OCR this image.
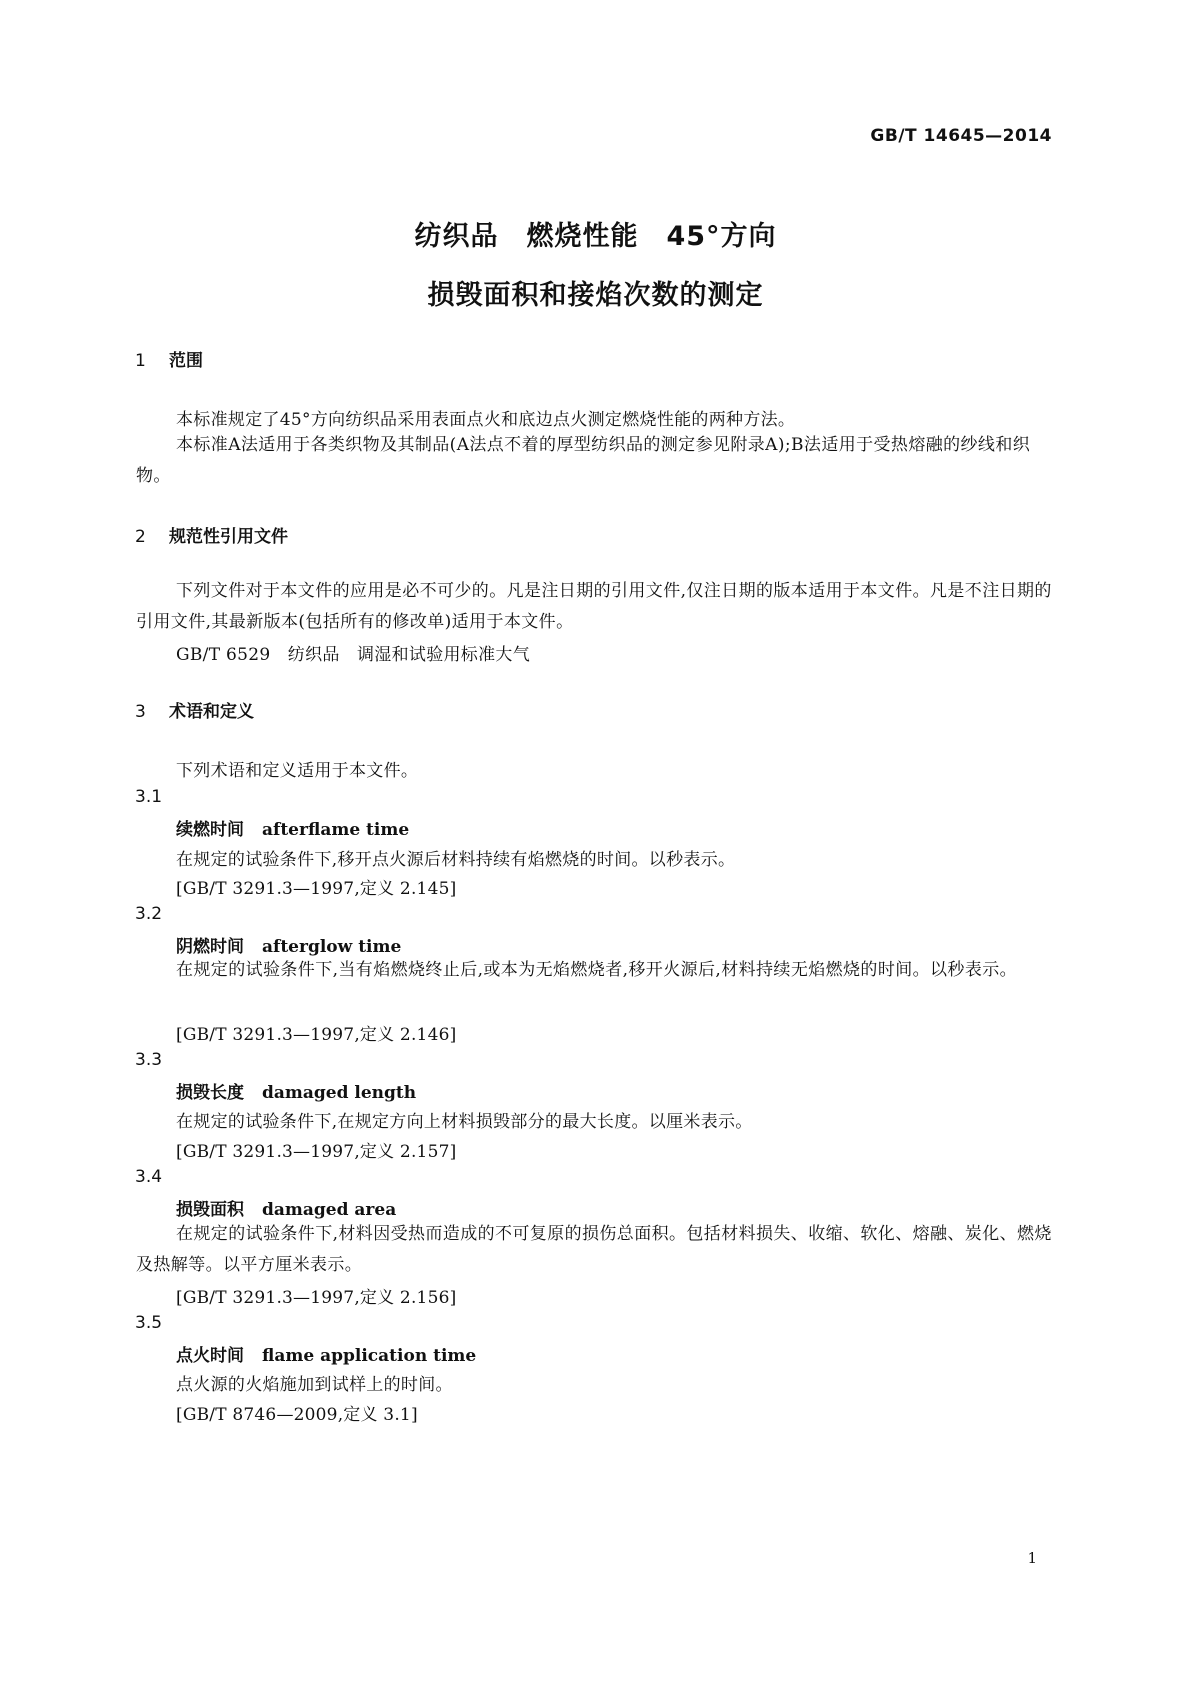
GB/T 14645—2014
纺织品　燃烧性能　45°方向
损毁面积和接焰次数的测定
1 范围
本标准规定了45°方向纺织品采用表面点火和底边点火测定燃烧性能的两种方法。
本标准A法适用于各类织物及其制品(A法点不着的厚型纺织品的测定参见附录A);B法适用于受热熔融的纱线和织物。
2 规范性引用文件
下列文件对于本文件的应用是必不可少的。凡是注日期的引用文件,仅注日期的版本适用于本文件。凡是不注日期的引用文件,其最新版本(包括所有的修改单)适用于本文件。
GB/T 6529　纺织品　调湿和试验用标准大气
3 术语和定义
下列术语和定义适用于本文件。
3.1
续燃时间 afterflame time
在规定的试验条件下,移开点火源后材料持续有焰燃烧的时间。以秒表示。
[GB/T 3291.3—1997,定义 2.145]
3.2
阴燃时间 afterglow time
在规定的试验条件下,当有焰燃烧终止后,或本为无焰燃烧者,移开火源后,材料持续无焰燃烧的时间。以秒表示。
[GB/T 3291.3—1997,定义 2.146]
3.3
损毁长度 damaged length
在规定的试验条件下,在规定方向上材料损毁部分的最大长度。以厘米表示。
[GB/T 3291.3—1997,定义 2.157]
3.4
损毁面积 damaged area
在规定的试验条件下,材料因受热而造成的不可复原的损伤总面积。包括材料损失、收缩、软化、熔融、炭化、燃烧及热解等。以平方厘米表示。
[GB/T 3291.3—1997,定义 2.156]
3.5
点火时间 flame application time
点火源的火焰施加到试样上的时间。
[GB/T 8746—2009,定义 3.1]
1
